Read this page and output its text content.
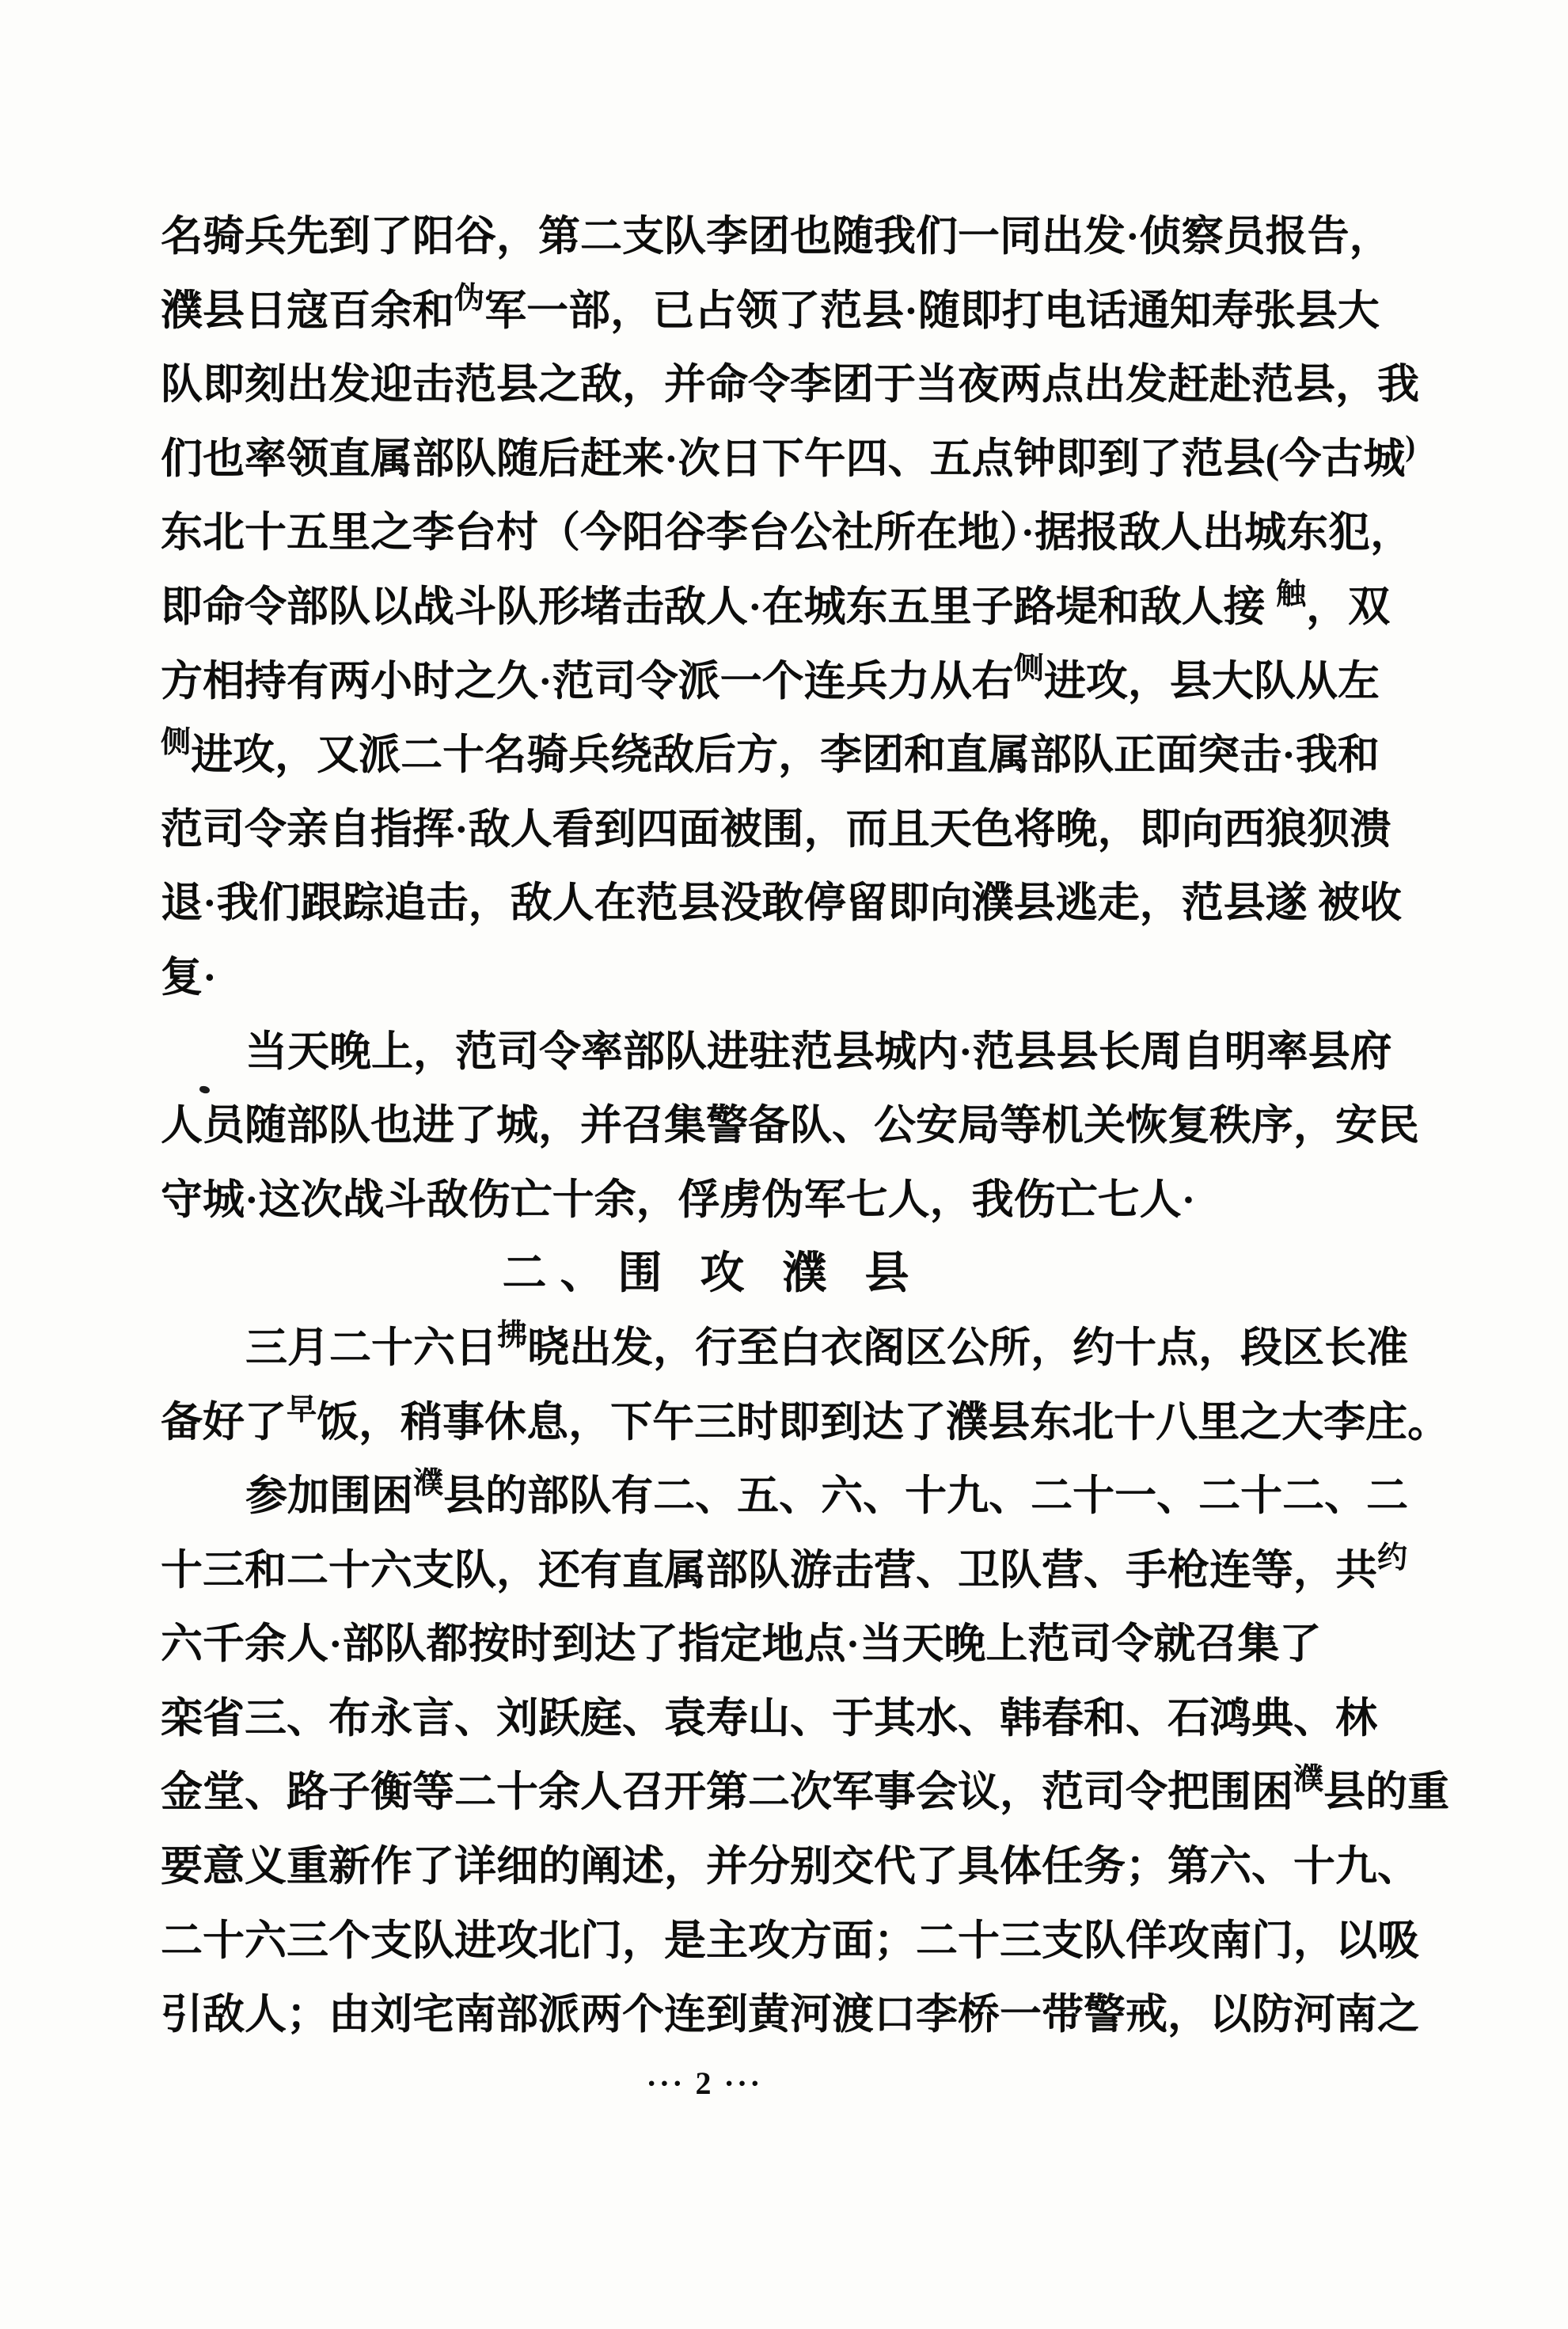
名骑兵先到了阳谷，第二支队李团也随我们一同出发·侦察员报告，
濮县日寇百余和伪军一部，已占领了范县·随即打电话通知寿张县大
队即刻出发迎击范县之敌，并命令李团于当夜两点出发赶赴范县，我
们也率领直属部队随后赶来·次日下午四、五点钟即到了范县(今古城)
东北十五里之李台村（今阳谷李台公社所在地）·据报敌人出城东犯，
即命令部队以战斗队形堵击敌人·在城东五里子路堤和敌人接 触，双
方相持有两小时之久·范司令派一个连兵力从右侧进攻，县大队从左
侧进攻，又派二十名骑兵绕敌后方，李团和直属部队正面突击·我和
范司令亲自指挥·敌人看到四面被围，而且天色将晚，即向西狼狈溃
退·我们跟踪追击，敌人在范县没敢停留即向濮县逃走，范县遂 被收
复·
当天晚上，范司令率部队进驻范县城内·范县县长周自明率县府
人员随部队也进了城，并召集警备队、公安局等机关恢复秩序，安民
守城·这次战斗敌伤亡十余，俘虏伪军七人，我伤亡七人·
二、围 攻 濮 县
三月二十六日拂晓出发，行至白衣阁区公所，约十点，段区长准
备好了早饭，稍事休息，下午三时即到达了濮县东北十八里之大李庄。
参加围困濮县的部队有二、五、六、十九、二十一、二十二、二
十三和二十六支队，还有直属部队游击营、卫队营、手枪连等，共约
六千余人·部队都按时到达了指定地点·当天晚上范司令就召集了
栾省三、布永言、刘跃庭、袁寿山、于其水、韩春和、石鸿典、林
金堂、路子衡等二十余人召开第二次军事会议，范司令把围困濮县的重
要意义重新作了详细的阐述，并分别交代了具体任务；第六、十九、
二十六三个支队进攻北门，是主攻方面；二十三支队佯攻南门，以吸
引敌人；由刘宅南部派两个连到黄河渡口李桥一带警戒，以防河南之
··· 2 ···
